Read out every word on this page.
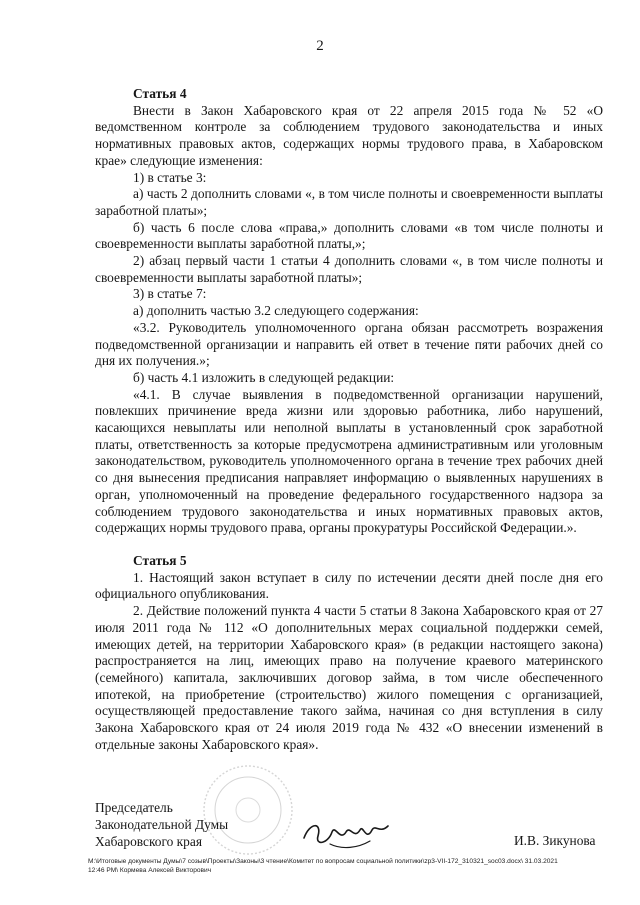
2

Статья 4

Внести в Закон Хабаровского края от 22 апреля 2015 года № 52 «О ведомственном контроле за соблюдением трудового законодательства и иных нормативных правовых актов, содержащих нормы трудового права, в Хабаровском крае» следующие изменения:

1) в статье 3:

а) часть 2 дополнить словами «, в том числе полноты и своевременности выплаты заработной платы»;

б) часть 6 после слова «права,» дополнить словами «в том числе полноты и своевременности выплаты заработной платы,»;

2) абзац первый части 1 статьи 4 дополнить словами «, в том числе полноты и своевременности выплаты заработной платы»;

3) в статье 7:

а) дополнить частью 3.2 следующего содержания:

«3.2. Руководитель уполномоченного органа обязан рассмотреть возражения подведомственной организации и направить ей ответ в течение пяти рабочих дней со дня их получения.»;

б) часть 4.1 изложить в следующей редакции:

«4.1. В случае выявления в подведомственной организации нарушений, повлекших причинение вреда жизни или здоровью работника, либо нарушений, касающихся невыплаты или неполной выплаты в установленный срок заработной платы, ответственность за которые предусмотрена административным или уголовным законодательством, руководитель уполномоченного органа в течение трех рабочих дней со дня вынесения предписания направляет информацию о выявленных нарушениях в орган, уполномоченный на проведение федерального государственного надзора за соблюдением трудового законодательства и иных нормативных правовых актов, содержащих нормы трудового права, органы прокуратуры Российской Федерации.».

Статья 5

1. Настоящий закон вступает в силу по истечении десяти дней после дня его официального опубликования.

2. Действие положений пункта 4 части 5 статьи 8 Закона Хабаровского края от 27 июля 2011 года № 112 «О дополнительных мерах социальной поддержки семей, имеющих детей, на территории Хабаровского края» (в редакции настоящего закона) распространяется на лиц, имеющих право на получение краевого материнского (семейного) капитала, заключивших договор займа, в том числе обеспеченного ипотекой, на приобретение (строительство) жилого помещения с организацией, осуществляющей предоставление такого займа, начиная со дня вступления в силу Закона Хабаровского края от 24 июля 2019 года № 432 «О внесении изменений в отдельные законы Хабаровского края».

Председатель
Законодательной Думы
Хабаровского края	И.В. Зикунова
M:\Итоговые документы Думы\7 созыв\Проекты\Законы\3 чтение\Комитет по вопросам социальной политики\zp3-VII-172_310321_soc03.docx\ 31.03.2021
12:46 PM\ Кормева Алексей Викторович
